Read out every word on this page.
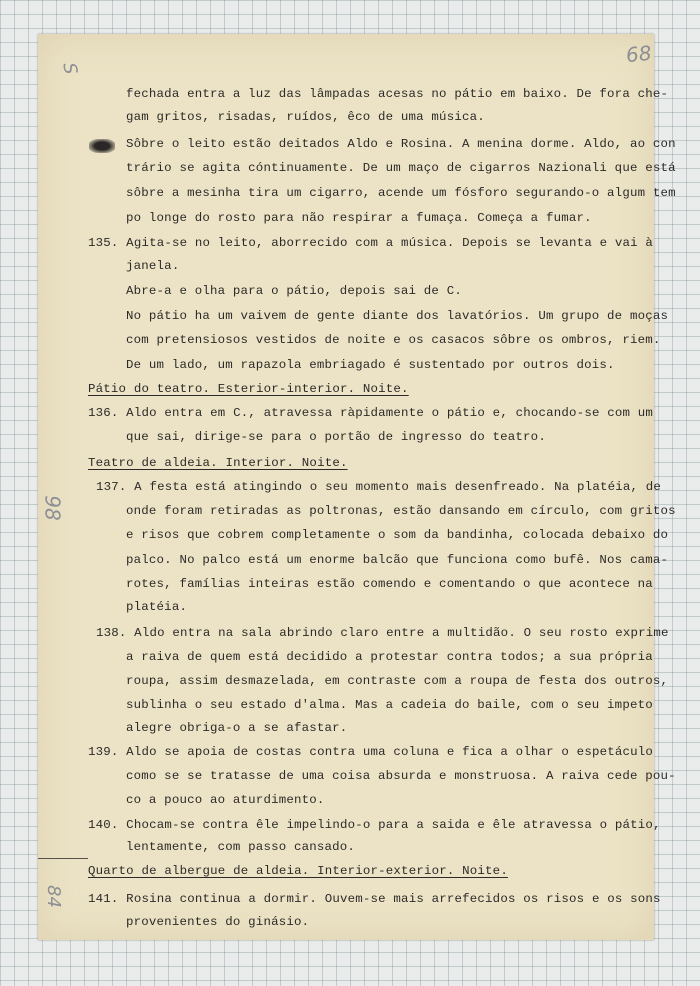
68
S
98
84
fechada entra a luz das lâmpadas acesas no pátio em baixo. De fora che-
gam gritos, risadas, ruídos, êco de uma música.
Sôbre o leito estão deitados Aldo e Rosina. A menina dorme. Aldo, ao con
trário se agita cóntinuamente. De um maço de cigarros Nazionali que está
sôbre a mesinha tira um cigarro, acende um fósforo segurando-o algum tem
po longe do rosto para não respirar a fumaça. Começa a fumar.
135. Agita-se no leito, aborrecido com a música. Depois se levanta e vai à
janela.
Abre-a e olha para o pátio, depois sai de C.
No pátio ha um vaivem de gente diante dos lavatórios. Um grupo de moças
com pretensiosos vestidos de noite e os casacos sôbre os ombros, riem.
De um lado, um rapazola embriagado é sustentado por outros dois.
Pátio do teatro. Esterior-interior. Noite.
136. Aldo entra em C., atravessa ràpidamente o pátio e, chocando-se com um
que sai, dirige-se para o portão de ingresso do teatro.
Teatro de aldeia. Interior. Noite.
137. A festa está atingindo o seu momento mais desenfreado. Na platéia, de
onde foram retiradas as poltronas, estão dansando em círculo, com gritos
e risos que cobrem completamente o som da bandinha, colocada debaixo do
palco. No palco está um enorme balcão que funciona como bufê. Nos cama-
rotes, famílias inteiras estão comendo e comentando o que acontece na
platéia.
138. Aldo entra na sala abrindo claro entre a multidão. O seu rosto exprime
a raiva de quem está decidido a protestar contra todos; a sua própria
roupa, assim desmazelada, em contraste com a roupa de festa dos outros,
sublinha o seu estado d'alma. Mas a cadeia do baile, com o seu impeto
alegre obriga-o a se afastar.
139. Aldo se apoia de costas contra uma coluna e fica a olhar o espetáculo
como se se tratasse de uma coisa absurda e monstruosa. A raiva cede pou-
co a pouco ao aturdimento.
140. Chocam-se contra êle impelindo-o para a saida e êle atravessa o pátio,
lentamente, com passo cansado.
Quarto de albergue de aldeia. Interior-exterior. Noite.
141. Rosina continua a dormir. Ouvem-se mais arrefecidos os risos e os sons
provenientes do ginásio.
